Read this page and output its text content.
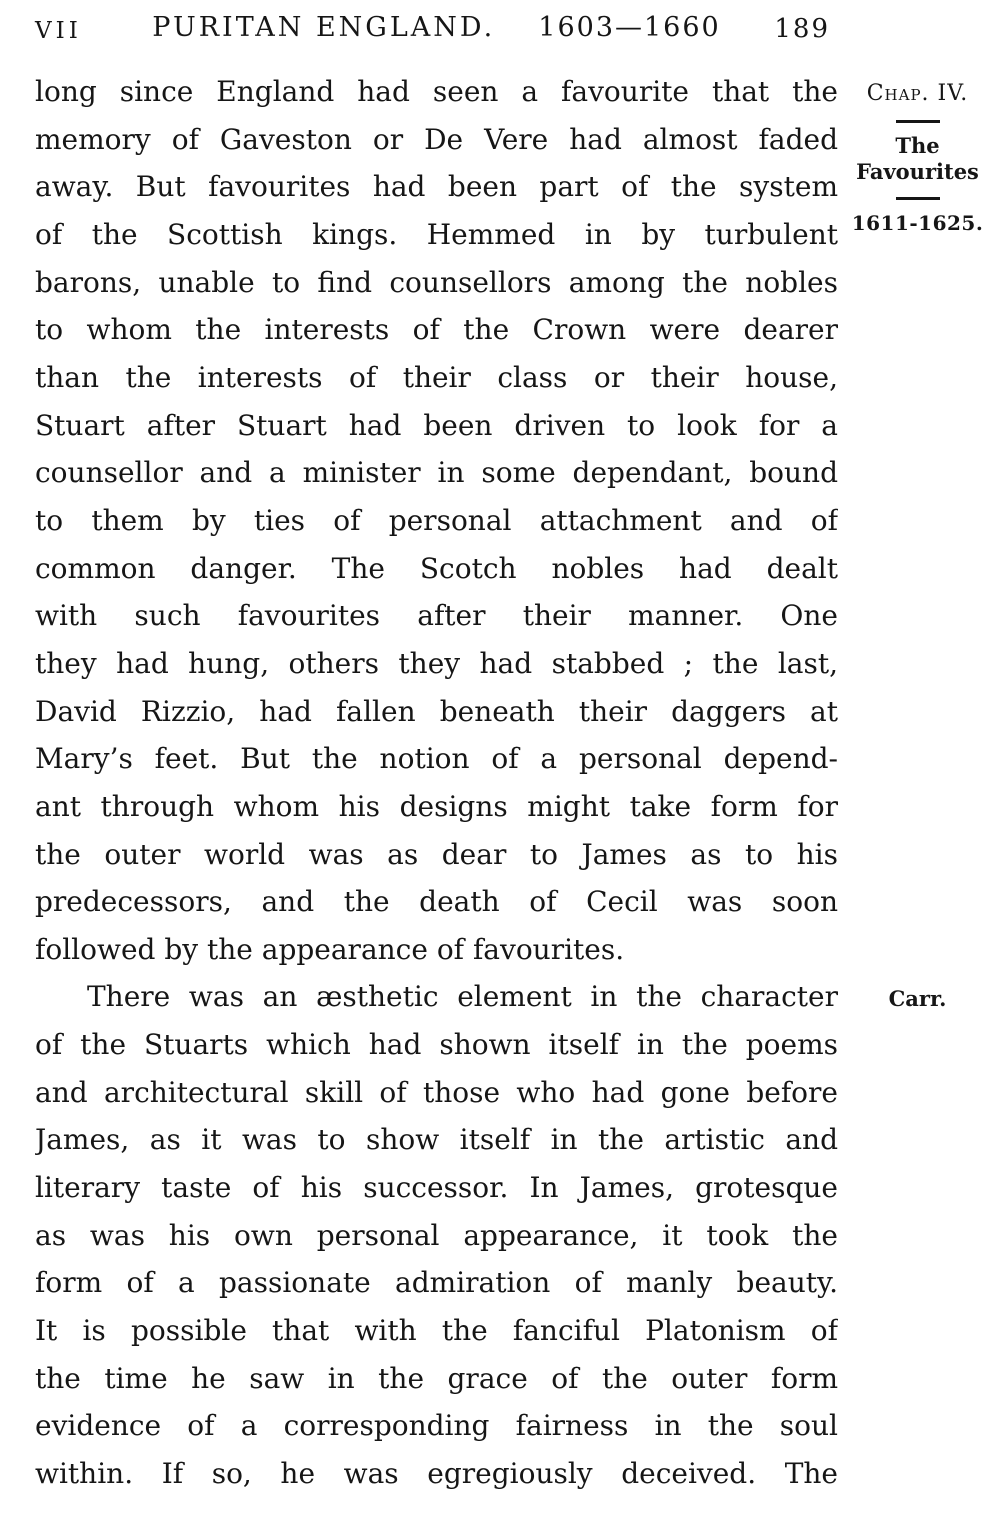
VII	PURITAN ENGLAND. 1603—1660	189
long since England had seen a favourite that the
memory of Gaveston or De Vere had almost faded
away. But favourites had been part of the system
of the Scottish kings. Hemmed in by turbulent
barons, unable to find counsellors among the nobles
to whom the interests of the Crown were dearer
than the interests of their class or their house,
Stuart after Stuart had been driven to look for a
counsellor and a minister in some dependant, bound
to them by ties of personal attachment and of
common danger. The Scotch nobles had dealt
with such favourites after their manner. One
they had hung, others they had stabbed ; the last,
David Rizzio, had fallen beneath their daggers at
Mary’s feet. But the notion of a personal depend-
ant through whom his designs might take form for
the outer world was as dear to James as to his
predecessors, and the death of Cecil was soon
followed by the appearance of favourites.
There was an æsthetic element in the character
of the Stuarts which had shown itself in the poems
and architectural skill of those who had gone before
James, as it was to show itself in the artistic and
literary taste of his successor. In James, grotesque
as was his own personal appearance, it took the
form of a passionate admiration of manly beauty.
It is possible that with the fanciful Platonism of
the time he saw in the grace of the outer form
evidence of a corresponding fairness in the soul
within. If so, he was egregiously deceived. The
Chap. IV.
The Favourites
1611-1625.
Carr.
